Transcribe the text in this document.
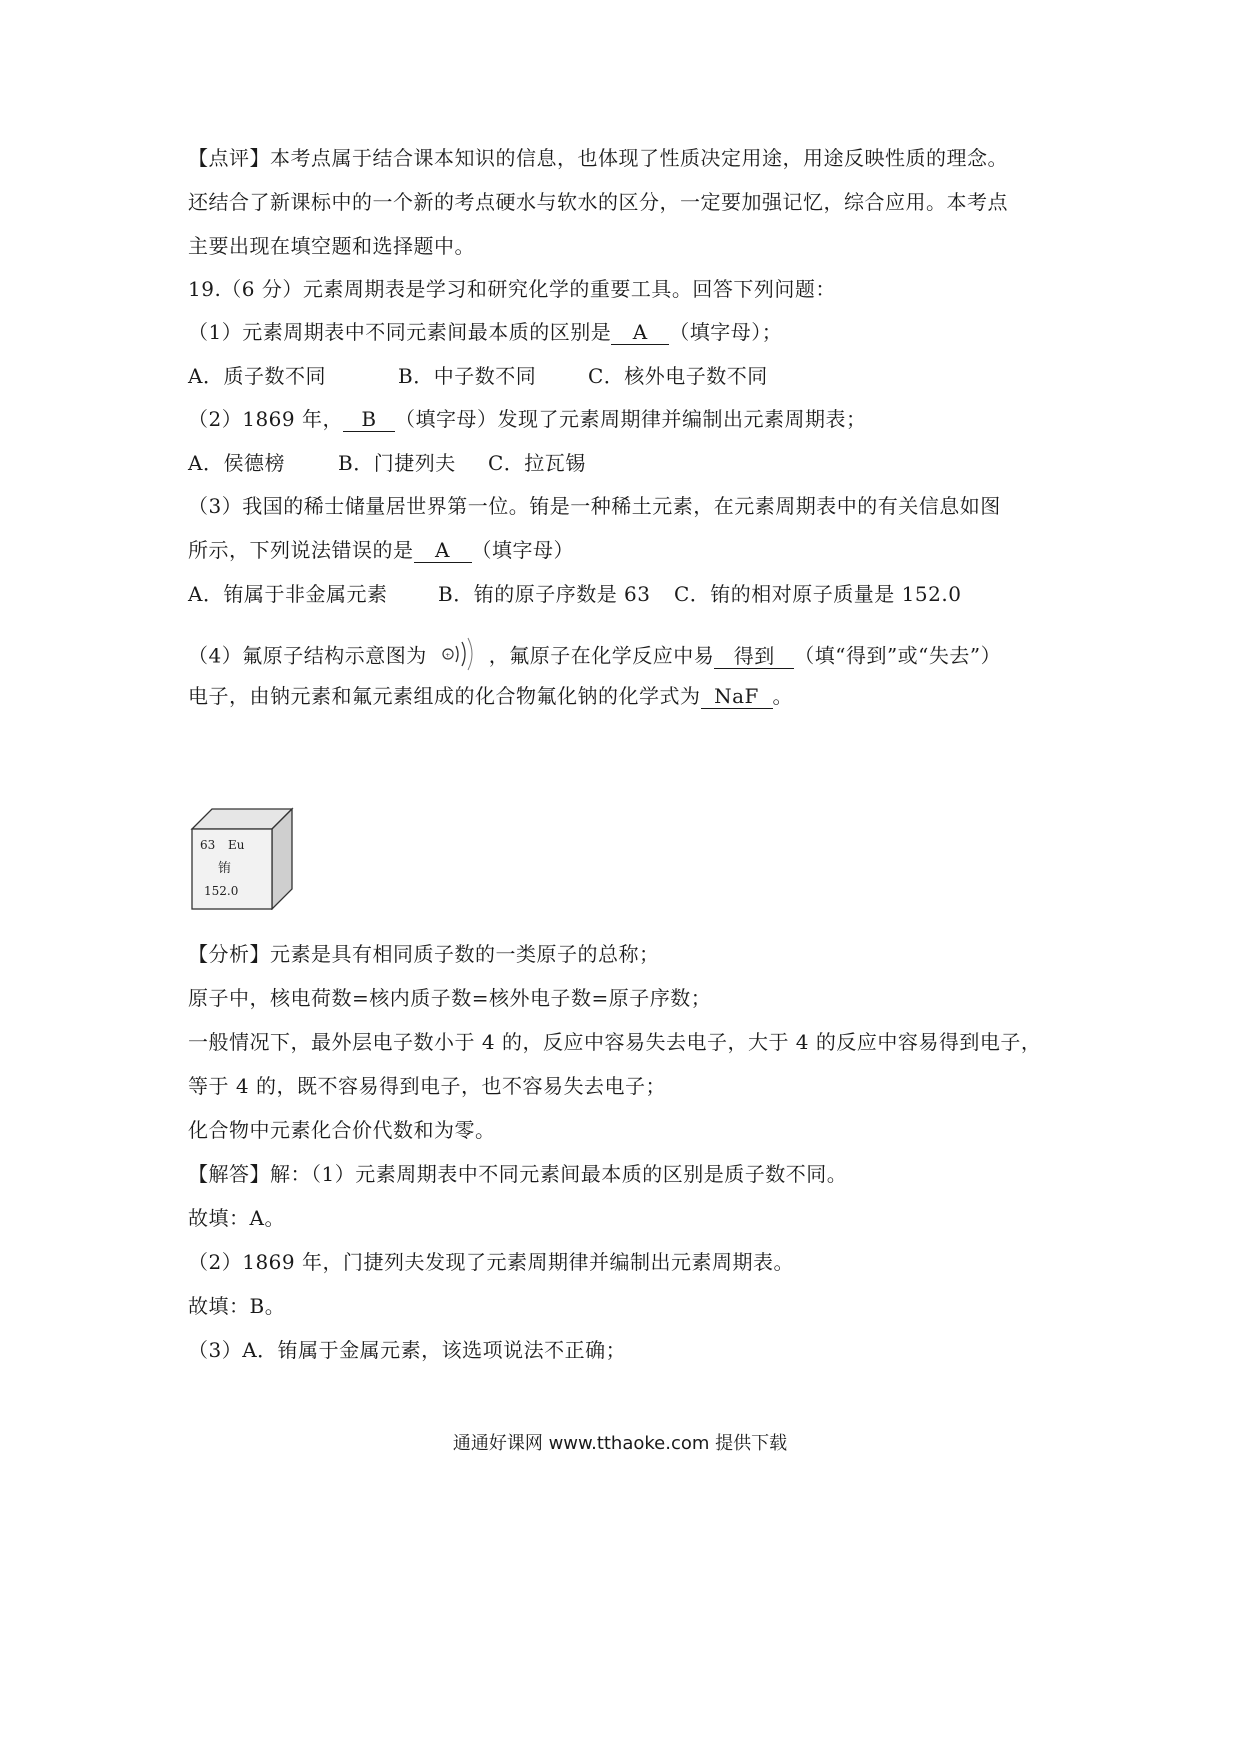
【点评】本考点属于结合课本知识的信息，也体现了性质决定用途，用途反映性质的理念。
还结合了新课标中的一个新的考点硬水与软水的区分，一定要加强记忆，综合应用。本考点
主要出现在填空题和选择题中。
19.（6 分）元素周期表是学习和研究化学的重要工具。回答下列问题：
（1）元素周期表中不同元素间最本质的区别是 A （填字母）；
A．质子数不同	B．中子数不同	C．核外电子数不同
（2）1869 年， B （填字母）发现了元素周期律并编制出元素周期表；
A．侯德榜	B．门捷列夫 C．拉瓦锡
（3）我国的稀士储量居世界第一位。铕是一种稀土元素，在元素周期表中的有关信息如图
所示，下列说法错误的是 A （填字母）
A．铕属于非金属元素	B．铕的原子序数是 63 C．铕的相对原子质量是 152.0
（4）氟原子结构示意图为	+ ，氟原子在化学反应中易 得到 （填“得到”或“失去”）
电子，由钠元素和氟元素组成的化合物氟化钠的化学式为 NaF 。
63 Eu
铕
152.0
【分析】元素是具有相同质子数的一类原子的总称；
原子中，核电荷数=核内质子数=核外电子数=原子序数；
一般情况下，最外层电子数小于 4 的，反应中容易失去电子，大于 4 的反应中容易得到电子，
等于 4 的，既不容易得到电子，也不容易失去电子；
化合物中元素化合价代数和为零。
【解答】解：（1）元素周期表中不同元素间最本质的区别是质子数不同。
故填：A。
（2）1869 年，门捷列夫发现了元素周期律并编制出元素周期表。
故填：B。
（3）A．铕属于金属元素，该选项说法不正确；
通通好课网 www.tthaoke.com 提供下载
